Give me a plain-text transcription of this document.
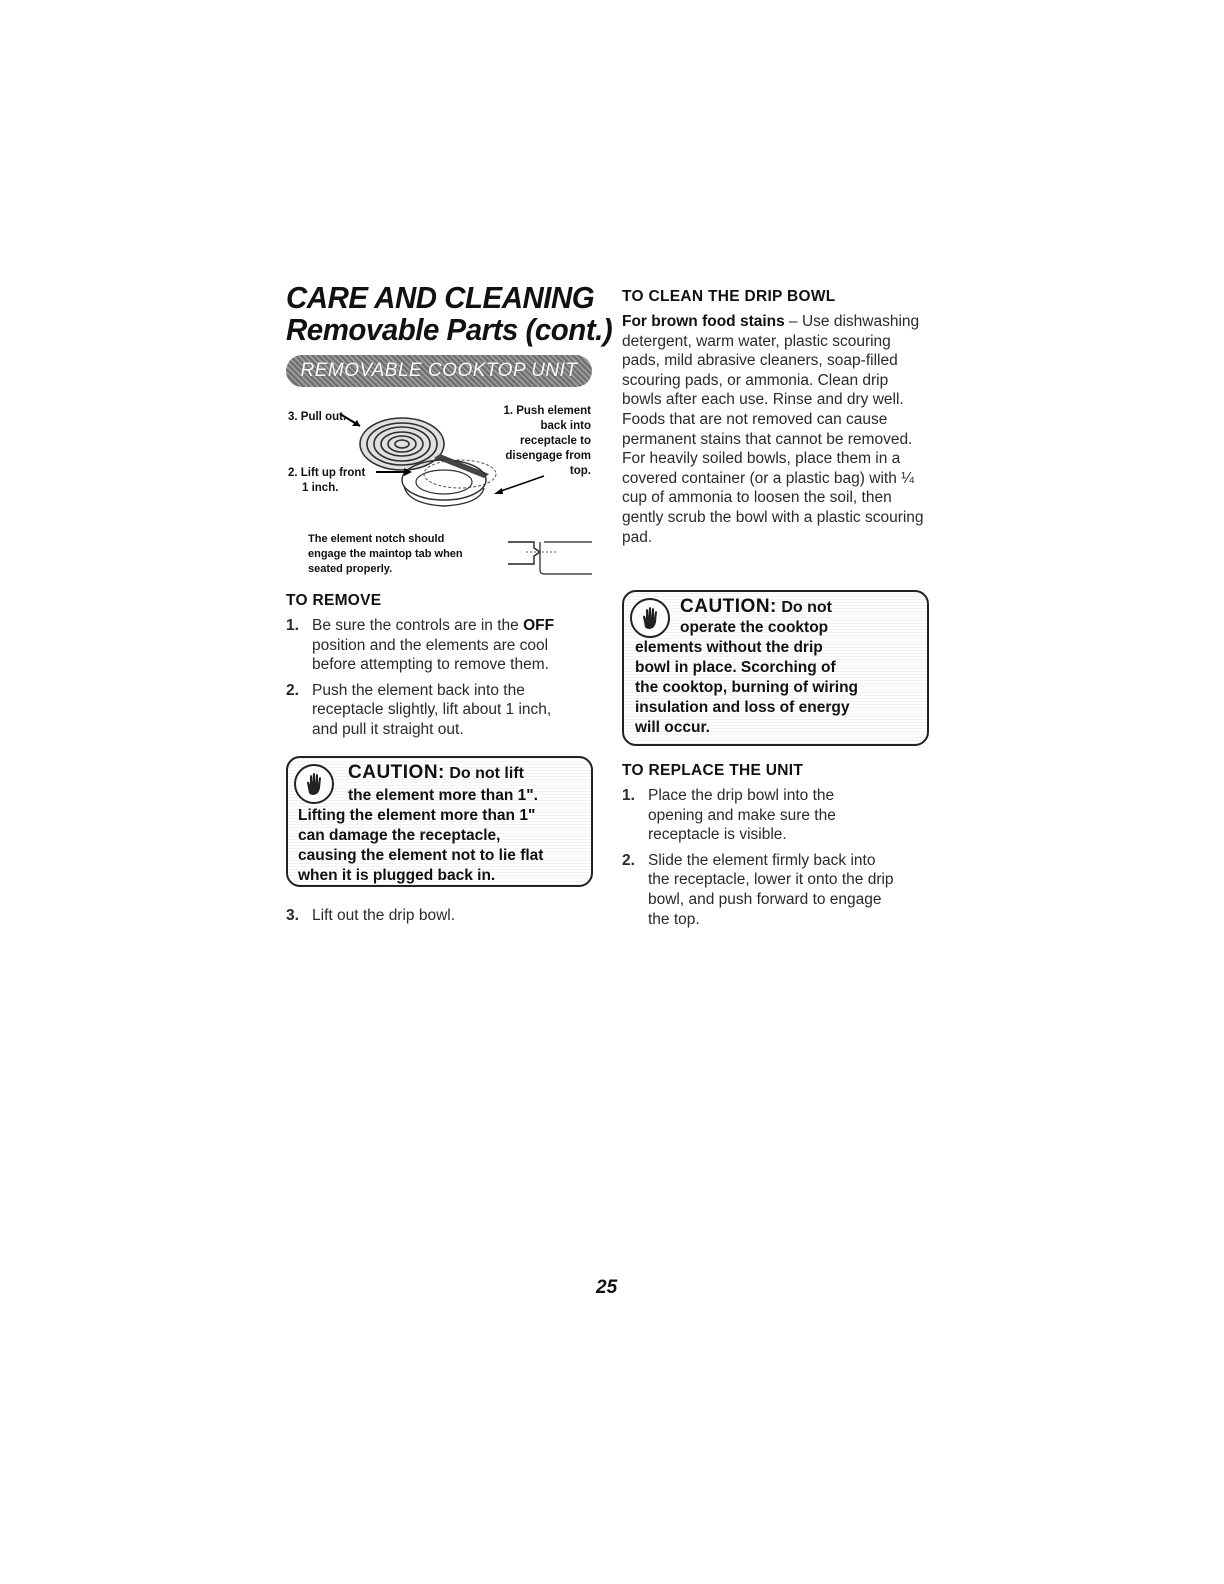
CARE AND CLEANING
Removable Parts (cont.)
REMOVABLE COOKTOP UNIT
3. Pull out.	1. Push element
back into
receptacle to
disengage from
top.
2. Lift up front
1 inch.
The element notch should
engage the maintop tab when
seated properly.
TO REMOVE
1. Be sure the controls are in the OFF position and the elements are cool before attempting to remove them.
2. Push the element back into the receptacle slightly, lift about 1 inch, and pull it straight out.
CAUTION: Do not lift
the element more than 1".
Lifting the element more than 1"
can damage the receptacle,
causing the element not to lie flat
when it is plugged back in.
3. Lift out the drip bowl.
TO CLEAN THE DRIP BOWL
For brown food stains – Use dishwashing detergent, warm water, plastic scouring pads, mild abrasive cleaners, soap-filled scouring pads, or ammonia. Clean drip bowls after each use. Rinse and dry well. Foods that are not removed can cause permanent stains that cannot be removed. For heavily soiled bowls, place them in a covered container (or a plastic bag) with ¼ cup of ammonia to loosen the soil, then gently scrub the bowl with a plastic scouring pad.
CAUTION: Do not
operate the cooktop
elements without the drip
bowl in place. Scorching of
the cooktop, burning of wiring
insulation and loss of energy
will occur.
TO REPLACE THE UNIT
1. Place the drip bowl into the opening and make sure the receptacle is visible.
2. Slide the element firmly back into the receptacle, lower it onto the drip bowl, and push forward to engage the top.
25
